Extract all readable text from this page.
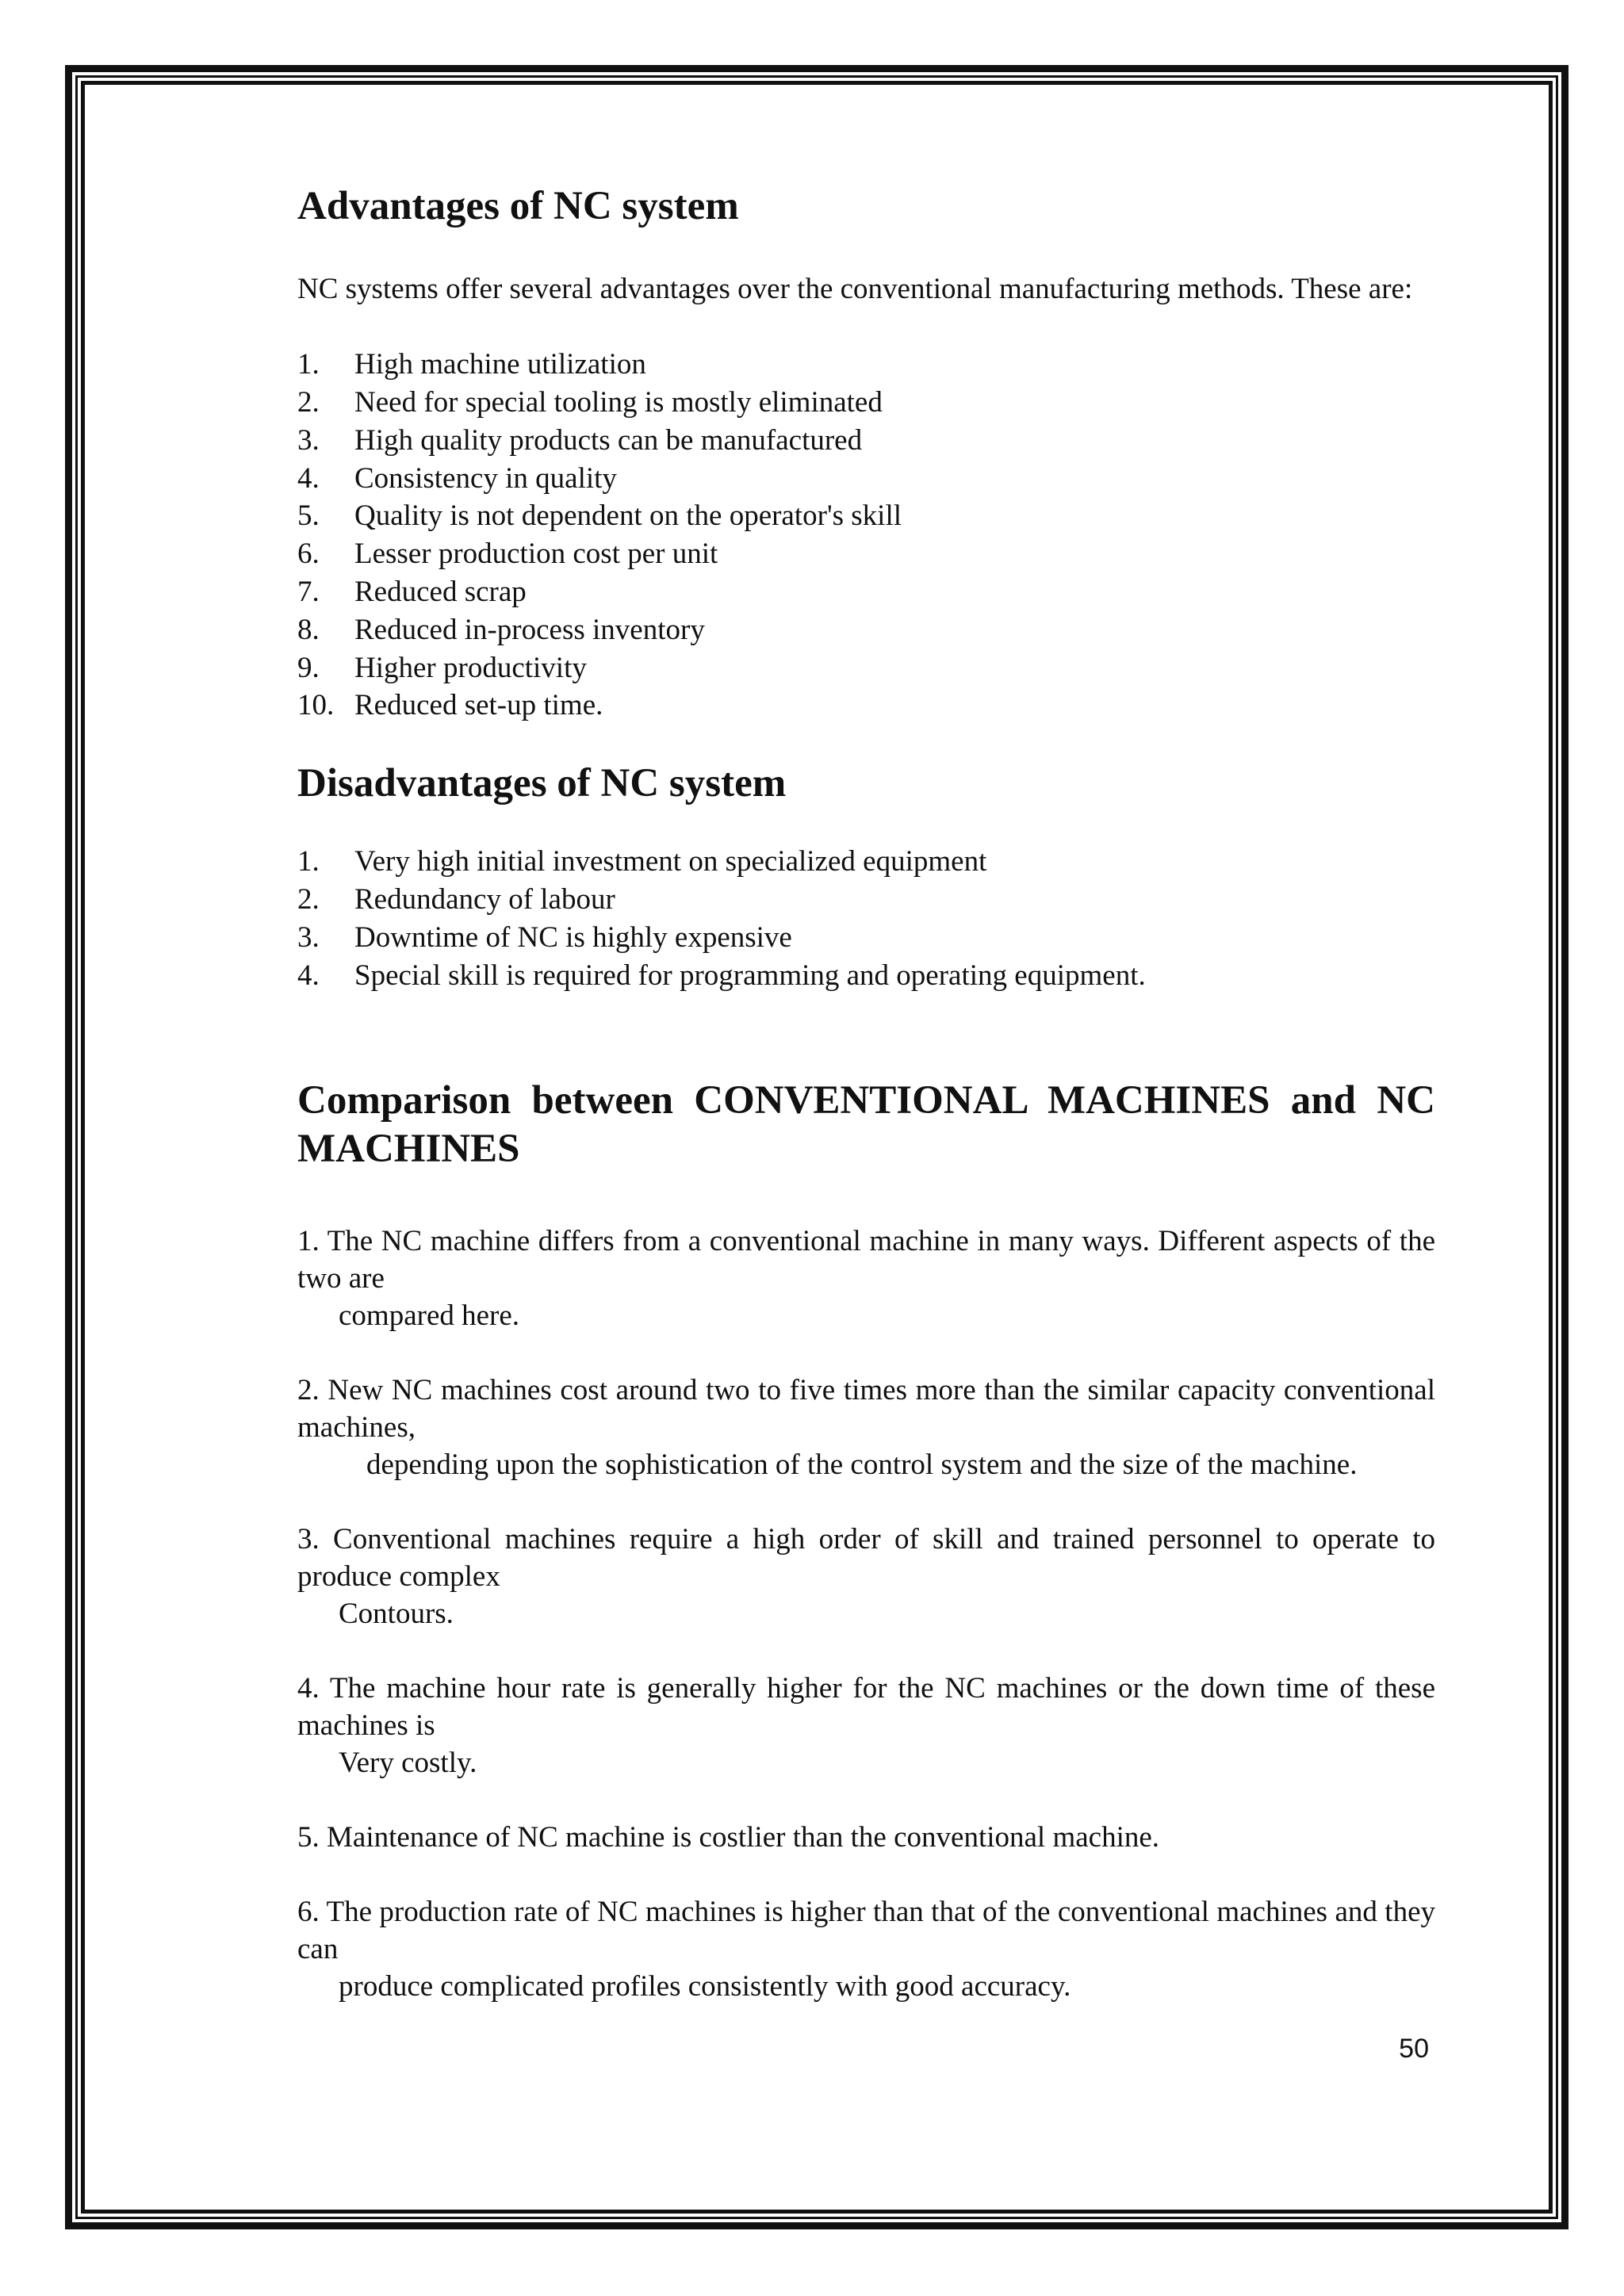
Advantages of NC system

NC systems offer several advantages over the conventional manufacturing methods. These are:

1.	High machine utilization
2.	Need for special tooling is mostly eliminated
3.	High quality products can be manufactured
4.	Consistency in quality
5.	Quality is not dependent on the operator's skill
6.	Lesser production cost per unit
7.	Reduced scrap
8.	Reduced in-process inventory
9.	Higher productivity
10. Reduced set-up time.
Disadvantages of NC system
1.	Very high initial investment on specialized equipment
2.	Redundancy of labour
3.	Downtime of NC is highly expensive
4.	Special skill is required for programming and operating equipment.
Comparison between CONVENTIONAL MACHINES and NC MACHINES
1. The NC machine differs from a conventional machine in many ways. Different aspects of the two are
compared here.
2. New NC machines cost around two to five times more than the similar capacity conventional machines,
depending upon the sophistication of the control system and the size of the machine.
3. Conventional machines require a high order of skill and trained personnel to operate to produce complex
Contours.
4. The machine hour rate is generally higher for the NC machines or the down time of these machines is
Very costly.
5. Maintenance of NC machine is costlier than the conventional machine.
6. The production rate of NC machines is higher than that of the conventional machines and they can
produce complicated profiles consistently with good accuracy.
50
